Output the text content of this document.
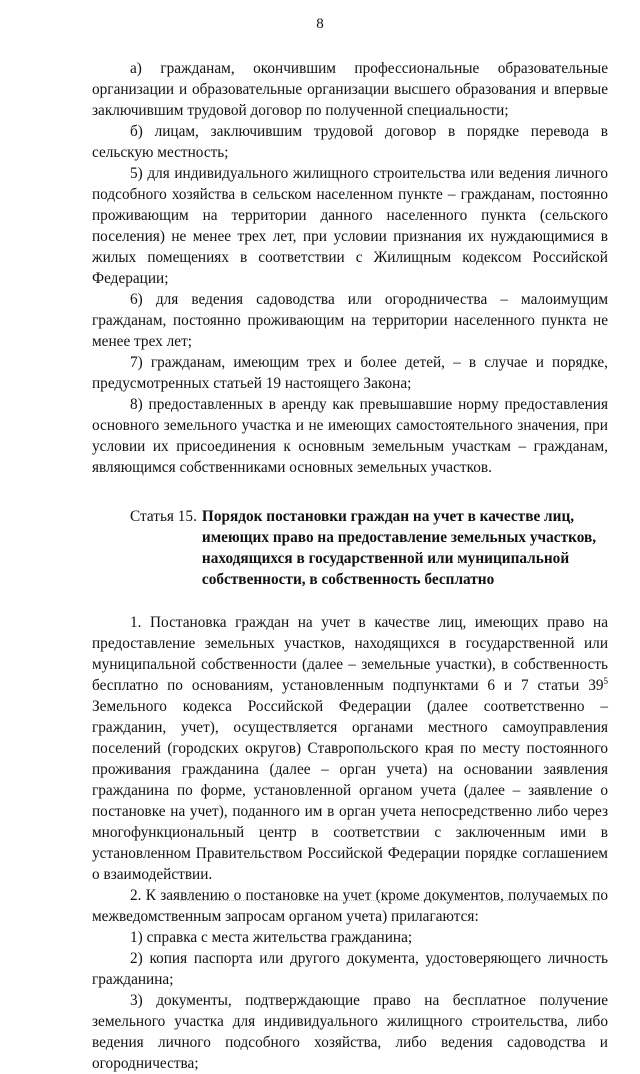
8

а) гражданам, окончившим профессиональные образовательные организации и образовательные организации высшего образования и впервые заключившим трудовой договор по полученной специальности;

б) лицам, заключившим трудовой договор в порядке перевода в сельскую местность;

5) для индивидуального жилищного строительства или ведения личного подсобного хозяйства в сельском населенном пункте – гражданам, постоянно проживающим на территории данного населенного пункта (сельского поселения) не менее трех лет, при условии признания их нуждающимися в жилых помещениях в соответствии с Жилищным кодексом Российской Федерации;

6) для ведения садоводства или огородничества – малоимущим гражданам, постоянно проживающим на территории населенного пункта не менее трех лет;

7) гражданам, имеющим трех и более детей, – в случае и порядке, предусмотренных статьей 19 настоящего Закона;

8) предоставленных в аренду как превышавшие норму предоставления основного земельного участка и не имеющих самостоятельного значения, при условии их присоединения к основным земельным участкам – гражданам, являющимся собственниками основных земельных участков.

Статья 15. Порядок постановки граждан на учет в качестве лиц, имеющих право на предоставление земельных участков, находящихся в государственной или муниципальной собственности, в собственность бесплатно

1. Постановка граждан на учет в качестве лиц, имеющих право на предоставление земельных участков, находящихся в государственной или муниципальной собственности (далее – земельные участки), в собственность бесплатно по основаниям, установленным подпунктами 6 и 7 статьи $39^5$ Земельного кодекса Российской Федерации (далее соответственно – гражданин, учет), осуществляется органами местного самоуправления поселений (городских округов) Ставропольского края по месту постоянного проживания гражданина (далее – орган учета) на основании заявления гражданина по форме, установленной органом учета (далее – заявление о постановке на учет), поданного им в орган учета непосредственно либо через многофункциональный центр в соответствии с заключенным ими в установленном Правительством Российской Федерации порядке соглашением о взаимодействии.

2. К заявлению о постановке на учет (кроме документов, получаемых по межведомственным запросам органом учета) прилагаются:

1) справка с места жительства гражданина;

2) копия паспорта или другого документа, удостоверяющего личность гражданина;

3) документы, подтверждающие право на бесплатное получение земельного участка для индивидуального жилищного строительства, либо ведения личного подсобного хозяйства, либо ведения садоводства и огородничества;
